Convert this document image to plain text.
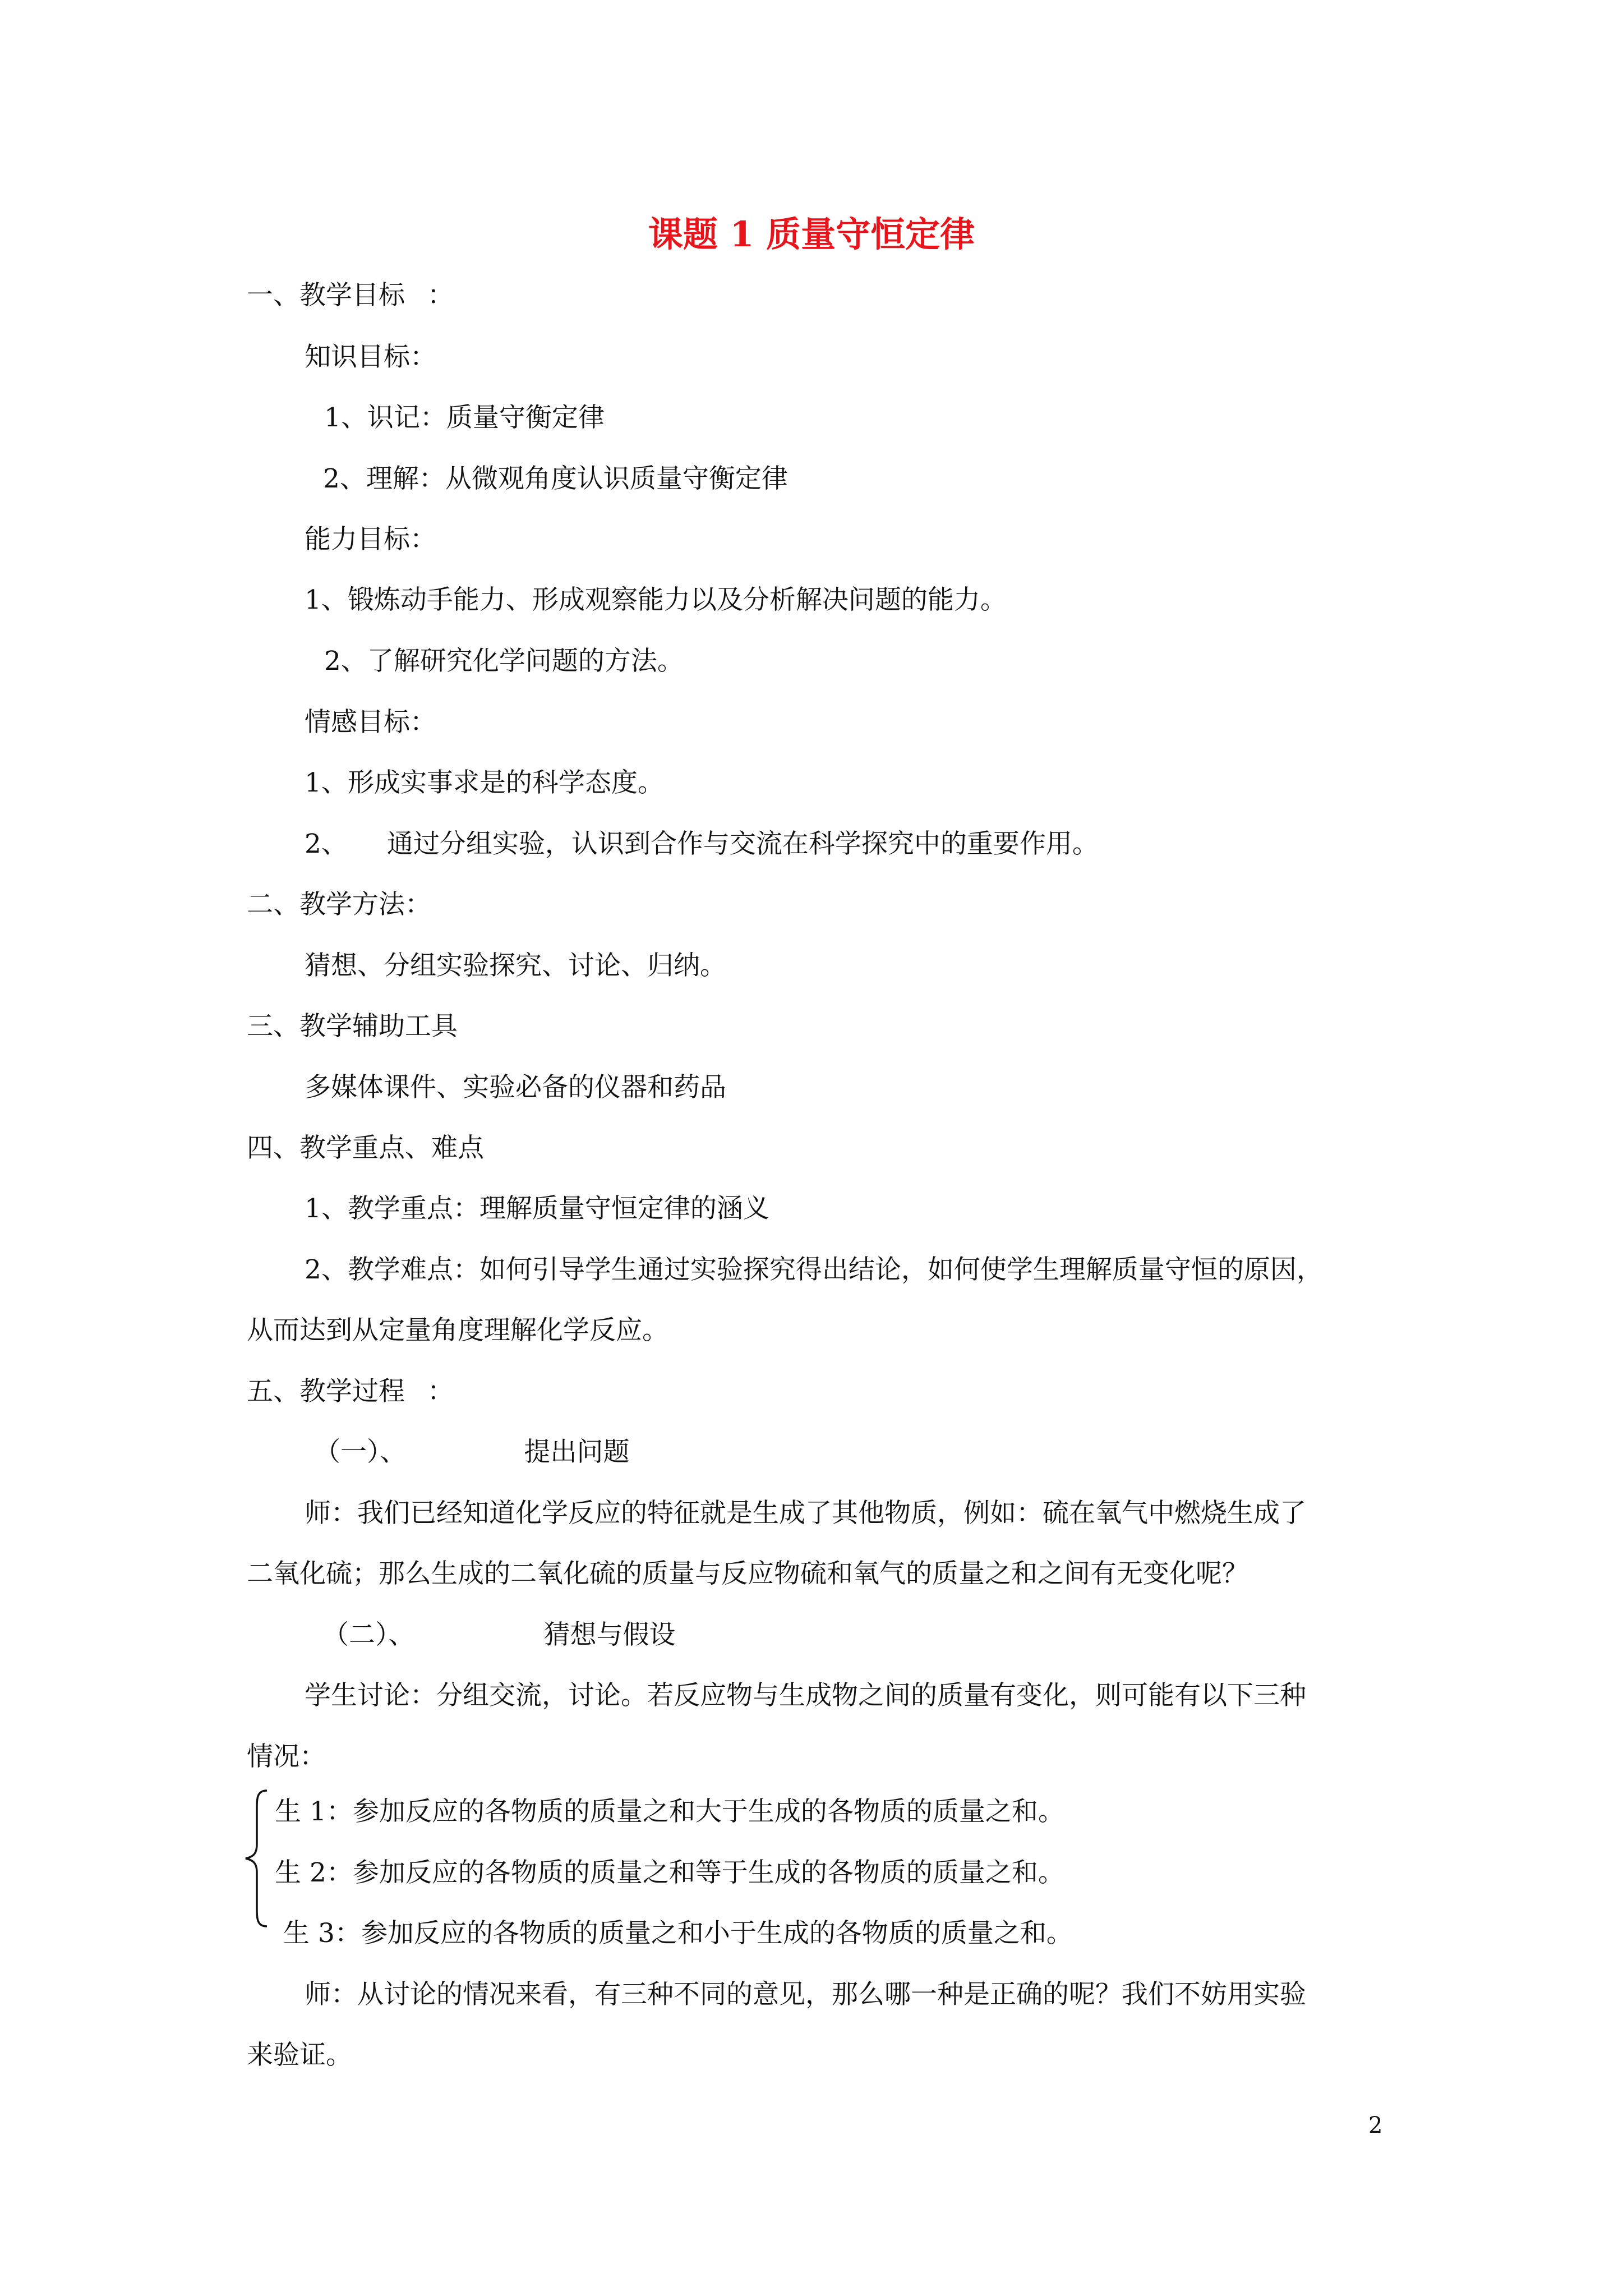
课题 1 质量守恒定律
一、教学目标 ：
知识目标：
1、识记：质量守衡定律
2、理解：从微观角度认识质量守衡定律
能力目标：
1、锻炼动手能力、形成观察能力以及分析解决问题的能力。
2、了解研究化学问题的方法。
情感目标：
1、形成实事求是的科学态度。
2、 通过分组实验，认识到合作与交流在科学探究中的重要作用。
二、教学方法：
猜想、分组实验探究、讨论、归纳。
三、教学辅助工具
多媒体课件、实验必备的仪器和药品
四、教学重点、难点
1、教学重点：理解质量守恒定律的涵义
2、教学难点：如何引导学生通过实验探究得出结论，如何使学生理解质量守恒的原因，
从而达到从定量角度理解化学反应。
五、教学过程 ：
（一）、	提出问题
师：我们已经知道化学反应的特征就是生成了其他物质，例如：硫在氧气中燃烧生成了
二氧化硫；那么生成的二氧化硫的质量与反应物硫和氧气的质量之和之间有无变化呢？
（二）、	猜想与假设
学生讨论：分组交流，讨论。若反应物与生成物之间的质量有变化，则可能有以下三种
情况：
生 1：参加反应的各物质的质量之和大于生成的各物质的质量之和。
生 2：参加反应的各物质的质量之和等于生成的各物质的质量之和。
生 3：参加反应的各物质的质量之和小于生成的各物质的质量之和。
师：从讨论的情况来看，有三种不同的意见，那么哪一种是正确的呢？我们不妨用实验
来验证。
2
